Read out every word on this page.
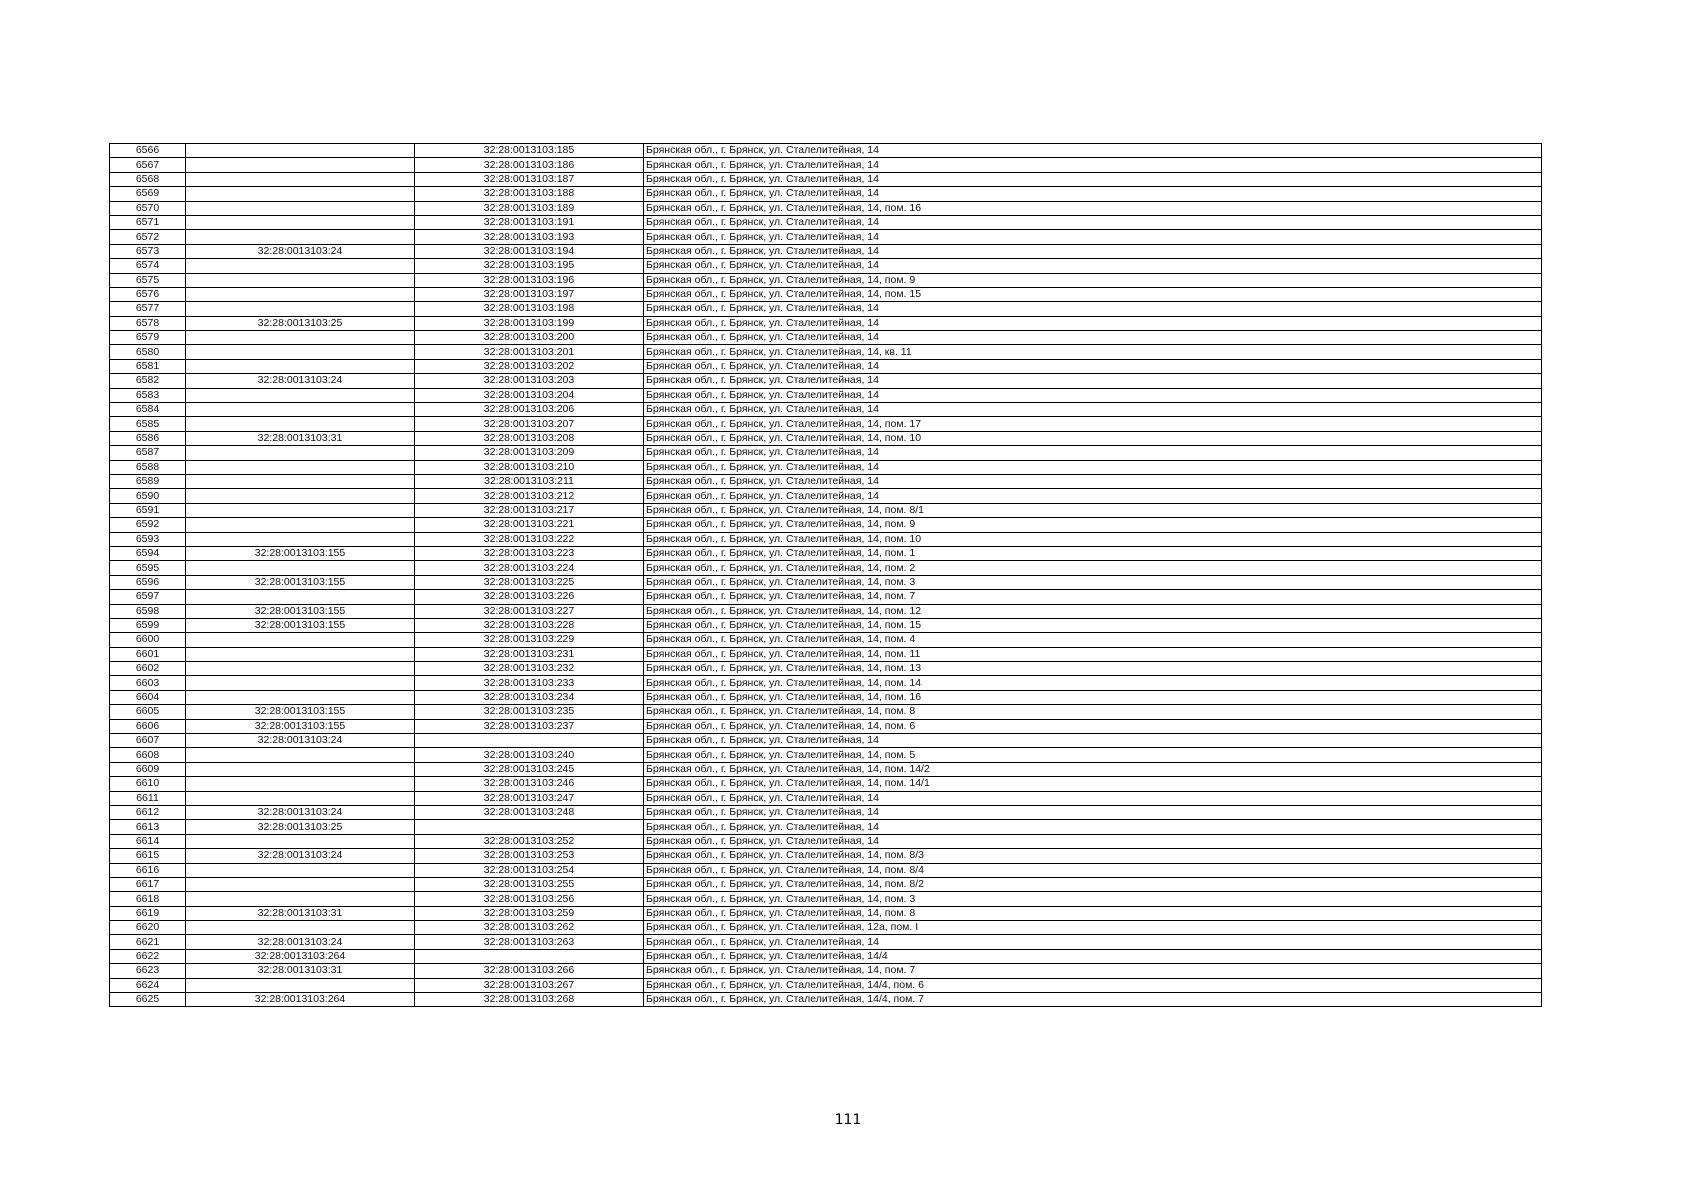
6566		32:28:0013103:185	Брянская обл., г. Брянск, ул. Сталелитейная, 14
6567		32:28:0013103:186	Брянская обл., г. Брянск, ул. Сталелитейная, 14
6568		32:28:0013103:187	Брянская обл., г. Брянск, ул. Сталелитейная, 14
6569		32:28:0013103:188	Брянская обл., г. Брянск, ул. Сталелитейная, 14
6570		32:28:0013103:189	Брянская обл., г. Брянск, ул. Сталелитейная, 14, пом. 16
6571		32:28:0013103:191	Брянская обл., г. Брянск, ул. Сталелитейная, 14
6572		32:28:0013103:193	Брянская обл., г. Брянск, ул. Сталелитейная, 14
6573	32:28:0013103:24	32:28:0013103:194	Брянская обл., г. Брянск, ул. Сталелитейная, 14
6574		32:28:0013103:195	Брянская обл., г. Брянск, ул. Сталелитейная, 14
6575		32:28:0013103:196	Брянская обл., г. Брянск, ул. Сталелитейная, 14, пом. 9
6576		32:28:0013103:197	Брянская обл., г. Брянск, ул. Сталелитейная, 14, пом. 15
6577		32:28:0013103:198	Брянская обл., г. Брянск, ул. Сталелитейная, 14
6578	32:28:0013103:25	32:28:0013103:199	Брянская обл., г. Брянск, ул. Сталелитейная, 14
6579		32:28:0013103:200	Брянская обл., г. Брянск, ул. Сталелитейная, 14
6580		32:28:0013103:201	Брянская обл., г. Брянск, ул. Сталелитейная, 14, кв. 11
6581		32:28:0013103:202	Брянская обл., г. Брянск, ул. Сталелитейная, 14
6582	32:28:0013103:24	32:28:0013103:203	Брянская обл., г. Брянск, ул. Сталелитейная, 14
6583		32:28:0013103:204	Брянская обл., г. Брянск, ул. Сталелитейная, 14
6584		32:28:0013103:206	Брянская обл., г. Брянск, ул. Сталелитейная, 14
6585		32:28:0013103:207	Брянская обл., г. Брянск, ул. Сталелитейная, 14, пом. 17
6586	32:28:0013103:31	32:28:0013103:208	Брянская обл., г. Брянск, ул. Сталелитейная, 14, пом. 10
6587		32:28:0013103:209	Брянская обл., г. Брянск, ул. Сталелитейная, 14
6588		32:28:0013103:210	Брянская обл., г. Брянск, ул. Сталелитейная, 14
6589		32:28:0013103:211	Брянская обл., г. Брянск, ул. Сталелитейная, 14
6590		32:28:0013103:212	Брянская обл., г. Брянск, ул. Сталелитейная, 14
6591		32:28:0013103:217	Брянская обл., г. Брянск, ул. Сталелитейная, 14, пом. 8/1
6592		32:28:0013103:221	Брянская обл., г. Брянск, ул. Сталелитейная, 14, пом. 9
6593		32:28:0013103:222	Брянская обл., г. Брянск, ул. Сталелитейная, 14, пом. 10
6594	32:28:0013103:155	32:28:0013103:223	Брянская обл., г. Брянск, ул. Сталелитейная, 14, пом. 1
6595		32:28:0013103:224	Брянская обл., г. Брянск, ул. Сталелитейная, 14, пом. 2
6596	32:28:0013103:155	32:28:0013103:225	Брянская обл., г. Брянск, ул. Сталелитейная, 14, пом. 3
6597		32:28:0013103:226	Брянская обл., г. Брянск, ул. Сталелитейная, 14, пом. 7
6598	32:28:0013103:155	32:28:0013103:227	Брянская обл., г. Брянск, ул. Сталелитейная, 14, пом. 12
6599	32:28:0013103:155	32:28:0013103:228	Брянская обл., г. Брянск, ул. Сталелитейная, 14, пом. 15
6600		32:28:0013103:229	Брянская обл., г. Брянск, ул. Сталелитейная, 14, пом. 4
6601		32:28:0013103:231	Брянская обл., г. Брянск, ул. Сталелитейная, 14, пом. 11
6602		32:28:0013103:232	Брянская обл., г. Брянск, ул. Сталелитейная, 14, пом. 13
6603		32:28:0013103:233	Брянская обл., г. Брянск, ул. Сталелитейная, 14, пом. 14
6604		32:28:0013103:234	Брянская обл., г. Брянск, ул. Сталелитейная, 14, пом. 16
6605	32:28:0013103:155	32:28:0013103:235	Брянская обл., г. Брянск, ул. Сталелитейная, 14, пом. 8
6606	32:28:0013103:155	32:28:0013103:237	Брянская обл., г. Брянск, ул. Сталелитейная, 14, пом. 6
6607	32:28:0013103:24		Брянская обл., г. Брянск, ул. Сталелитейная, 14
6608		32:28:0013103:240	Брянская обл., г. Брянск, ул. Сталелитейная, 14, пом. 5
6609		32:28:0013103:245	Брянская обл., г. Брянск, ул. Сталелитейная, 14, пом. 14/2
6610		32:28:0013103:246	Брянская обл., г. Брянск, ул. Сталелитейная, 14, пом. 14/1
6611		32:28:0013103:247	Брянская обл., г. Брянск, ул. Сталелитейная, 14
6612	32:28:0013103:24	32:28:0013103:248	Брянская обл., г. Брянск, ул. Сталелитейная, 14
6613	32:28:0013103:25		Брянская обл., г. Брянск, ул. Сталелитейная, 14
6614		32:28:0013103:252	Брянская обл., г. Брянск, ул. Сталелитейная, 14
6615	32:28:0013103:24	32:28:0013103:253	Брянская обл., г. Брянск, ул. Сталелитейная, 14, пом. 8/3
6616		32:28:0013103:254	Брянская обл., г. Брянск, ул. Сталелитейная, 14, пом. 8/4
6617		32:28:0013103:255	Брянская обл., г. Брянск, ул. Сталелитейная, 14, пом. 8/2
6618		32:28:0013103:256	Брянская обл., г. Брянск, ул. Сталелитейная, 14, пом. 3
6619	32:28:0013103:31	32:28:0013103:259	Брянская обл., г. Брянск, ул. Сталелитейная, 14, пом. 8
6620		32:28:0013103:262	Брянская обл., г. Брянск, ул. Сталелитейная, 12а, пом. I
6621	32:28:0013103:24	32:28:0013103:263	Брянская обл., г. Брянск, ул. Сталелитейная, 14
6622	32:28:0013103:264		Брянская обл., г. Брянск, ул. Сталелитейная, 14/4
6623	32:28:0013103:31	32:28:0013103:266	Брянская обл., г. Брянск, ул. Сталелитейная, 14, пом. 7
6624		32:28:0013103:267	Брянская обл., г. Брянск, ул. Сталелитейная, 14/4, пом. 6
6625	32:28:0013103:264	32:28:0013103:268	Брянская обл., г. Брянск, ул. Сталелитейная, 14/4, пом. 7
111
